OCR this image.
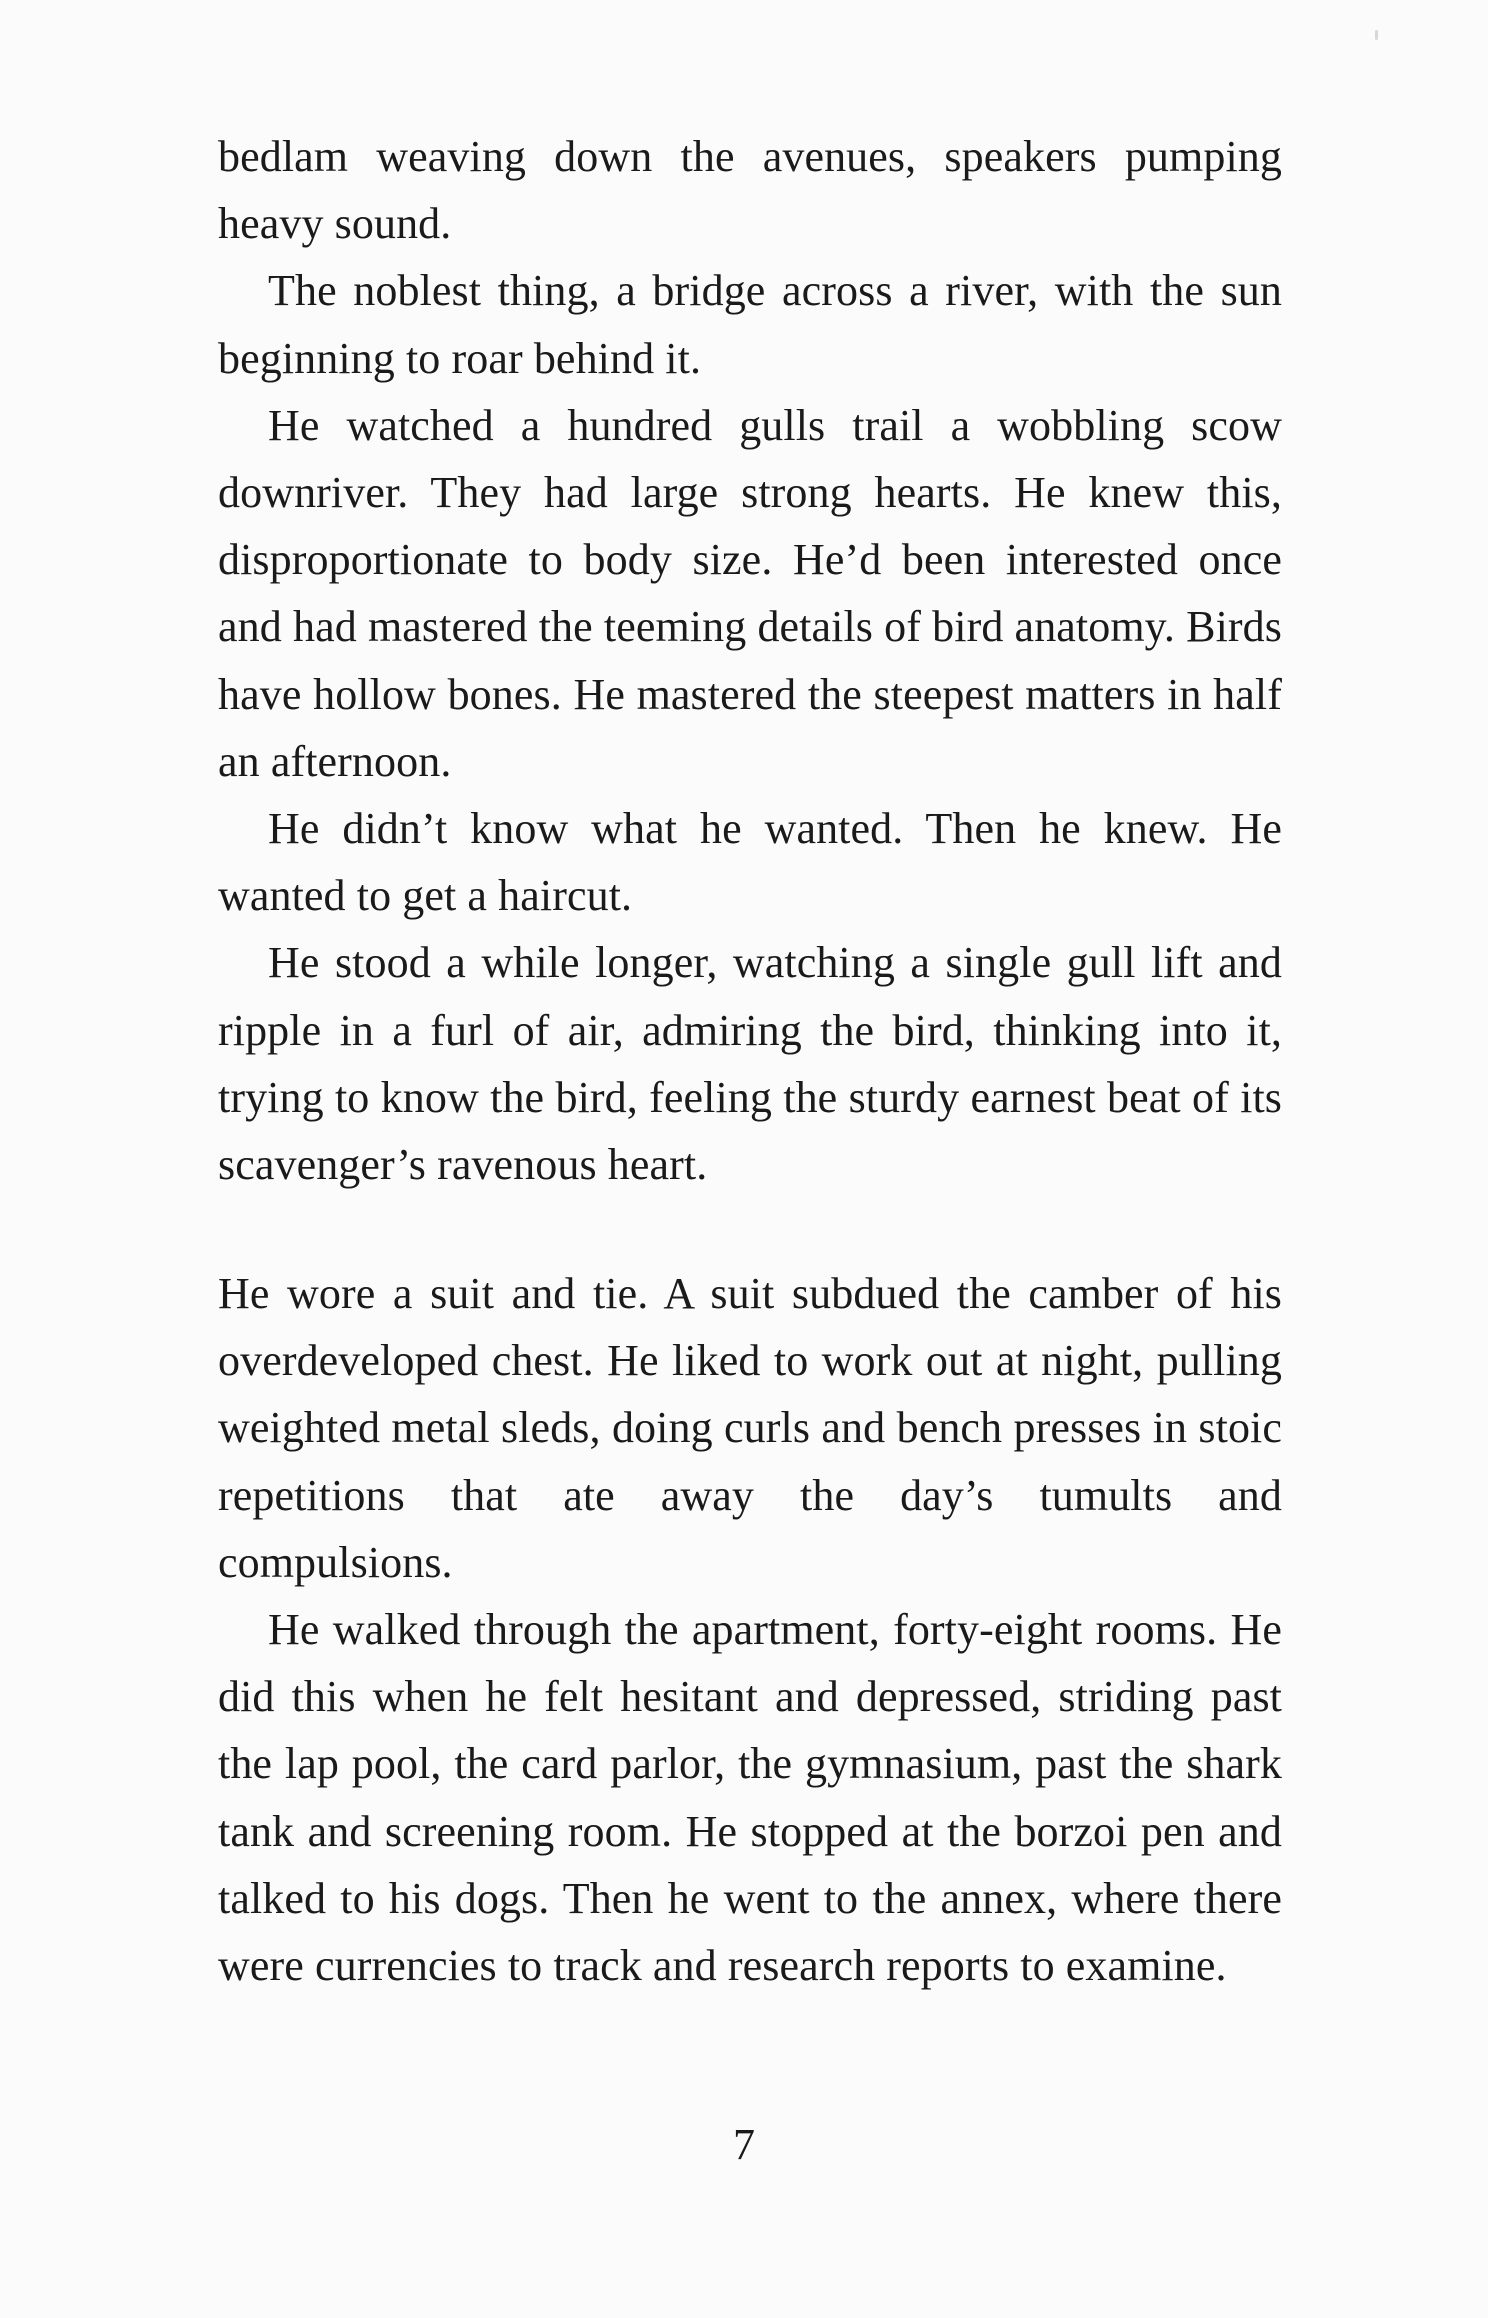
bedlam weaving down the avenues, speakers pumping heavy sound.

The noblest thing, a bridge across a river, with the sun beginning to roar behind it.

He watched a hundred gulls trail a wobbling scow downriver. They had large strong hearts. He knew this, disproportionate to body size. He’d been interested once and had mastered the teeming details of bird anatomy. Birds have hollow bones. He mastered the steepest matters in half an afternoon.

He didn’t know what he wanted. Then he knew. He wanted to get a haircut.

He stood a while longer, watching a single gull lift and ripple in a furl of air, admiring the bird, thinking into it, trying to know the bird, feeling the sturdy earnest beat of its scavenger’s ravenous heart.

He wore a suit and tie. A suit subdued the camber of his overdeveloped chest. He liked to work out at night, pulling weighted metal sleds, doing curls and bench presses in stoic repetitions that ate away the day’s tumults and compulsions.

He walked through the apartment, forty-eight rooms. He did this when he felt hesitant and depressed, striding past the lap pool, the card parlor, the gymnasium, past the shark tank and screening room. He stopped at the borzoi pen and talked to his dogs. Then he went to the annex, where there were currencies to track and research reports to examine.

7
